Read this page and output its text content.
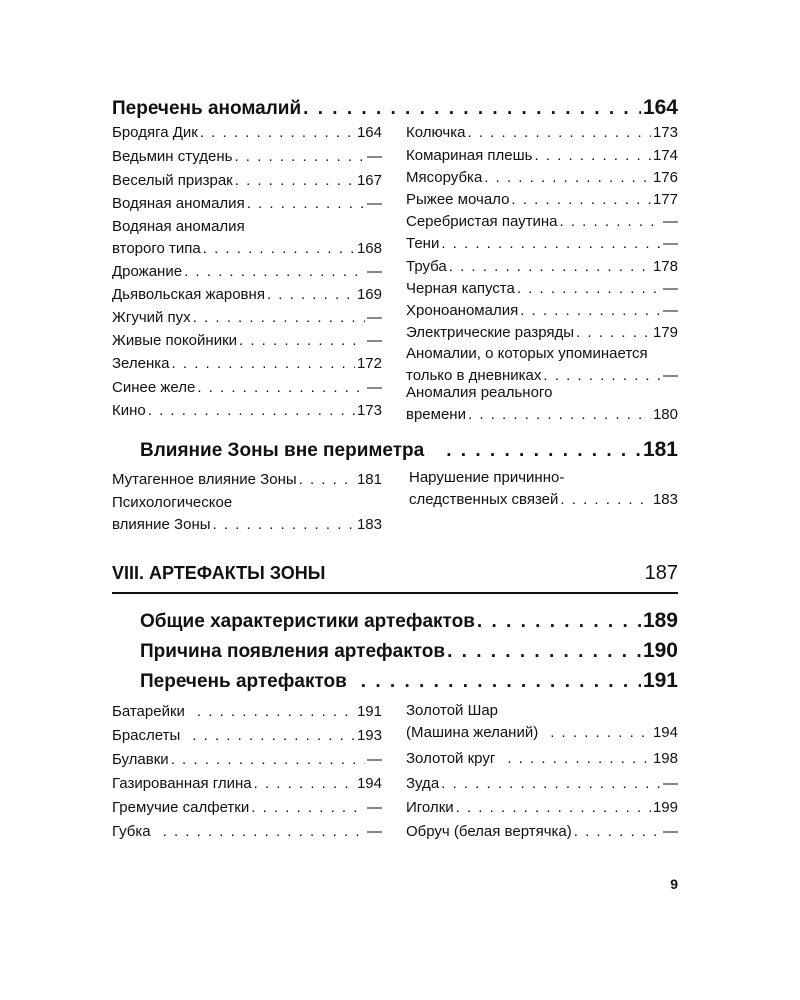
Перечень аномалий . . .	164
Бродяга Дик . . .	164
Ведьмин студень . . .	—
Веселый призрак . . .	167
Водяная аномалия . . .	—
Водяная аномалия
второго типа . . .	168
Дрожание . . .	—
Дьявольская жаровня . . .	169
Жгучий пух . . .	—
Живые покойники . . .	—
Зеленка . . .	172
Синее желе . . .	—
Кино . . .	173
Колючка . . .	173
Комариная плешь . . .	174
Мясорубка . . .	176
Рыжее мочало . . .	177
Серебристая паутина . . .	—
Тени . . .	—
Труба . . .	178
Черная капуста . . .	—
Хроноаномалия . . .	—
Электрические разряды . . .	179
Аномалии, о которых упоминается
только в дневниках . . .	—
Аномалия реального
времени . . .	180
Влияние Зоны вне периметра . . .	181
Мутагенное влияние Зоны . . .	181
Психологическое
влияние Зоны . . .	183
Нарушение причинно-
следственных связей . . .	183
VIII. АРТЕФАКТЫ ЗОНЫ	187
Общие характеристики артефактов . . .	189
Причина появления артефактов . . .	190
Перечень артефактов . . .	191
Батарейки . . .	191
Браслеты . . .	193
Булавки . . .	—
Газированная глина . . .	194
Гремучие салфетки . . .	—
Губка . . .	—
Золотой Шар
(Машина желаний) . . .	194
Золотой круг . . .	198
Зуда . . .	—
Иголки . . .	199
Обруч (белая вертячка) . . .	—
9
